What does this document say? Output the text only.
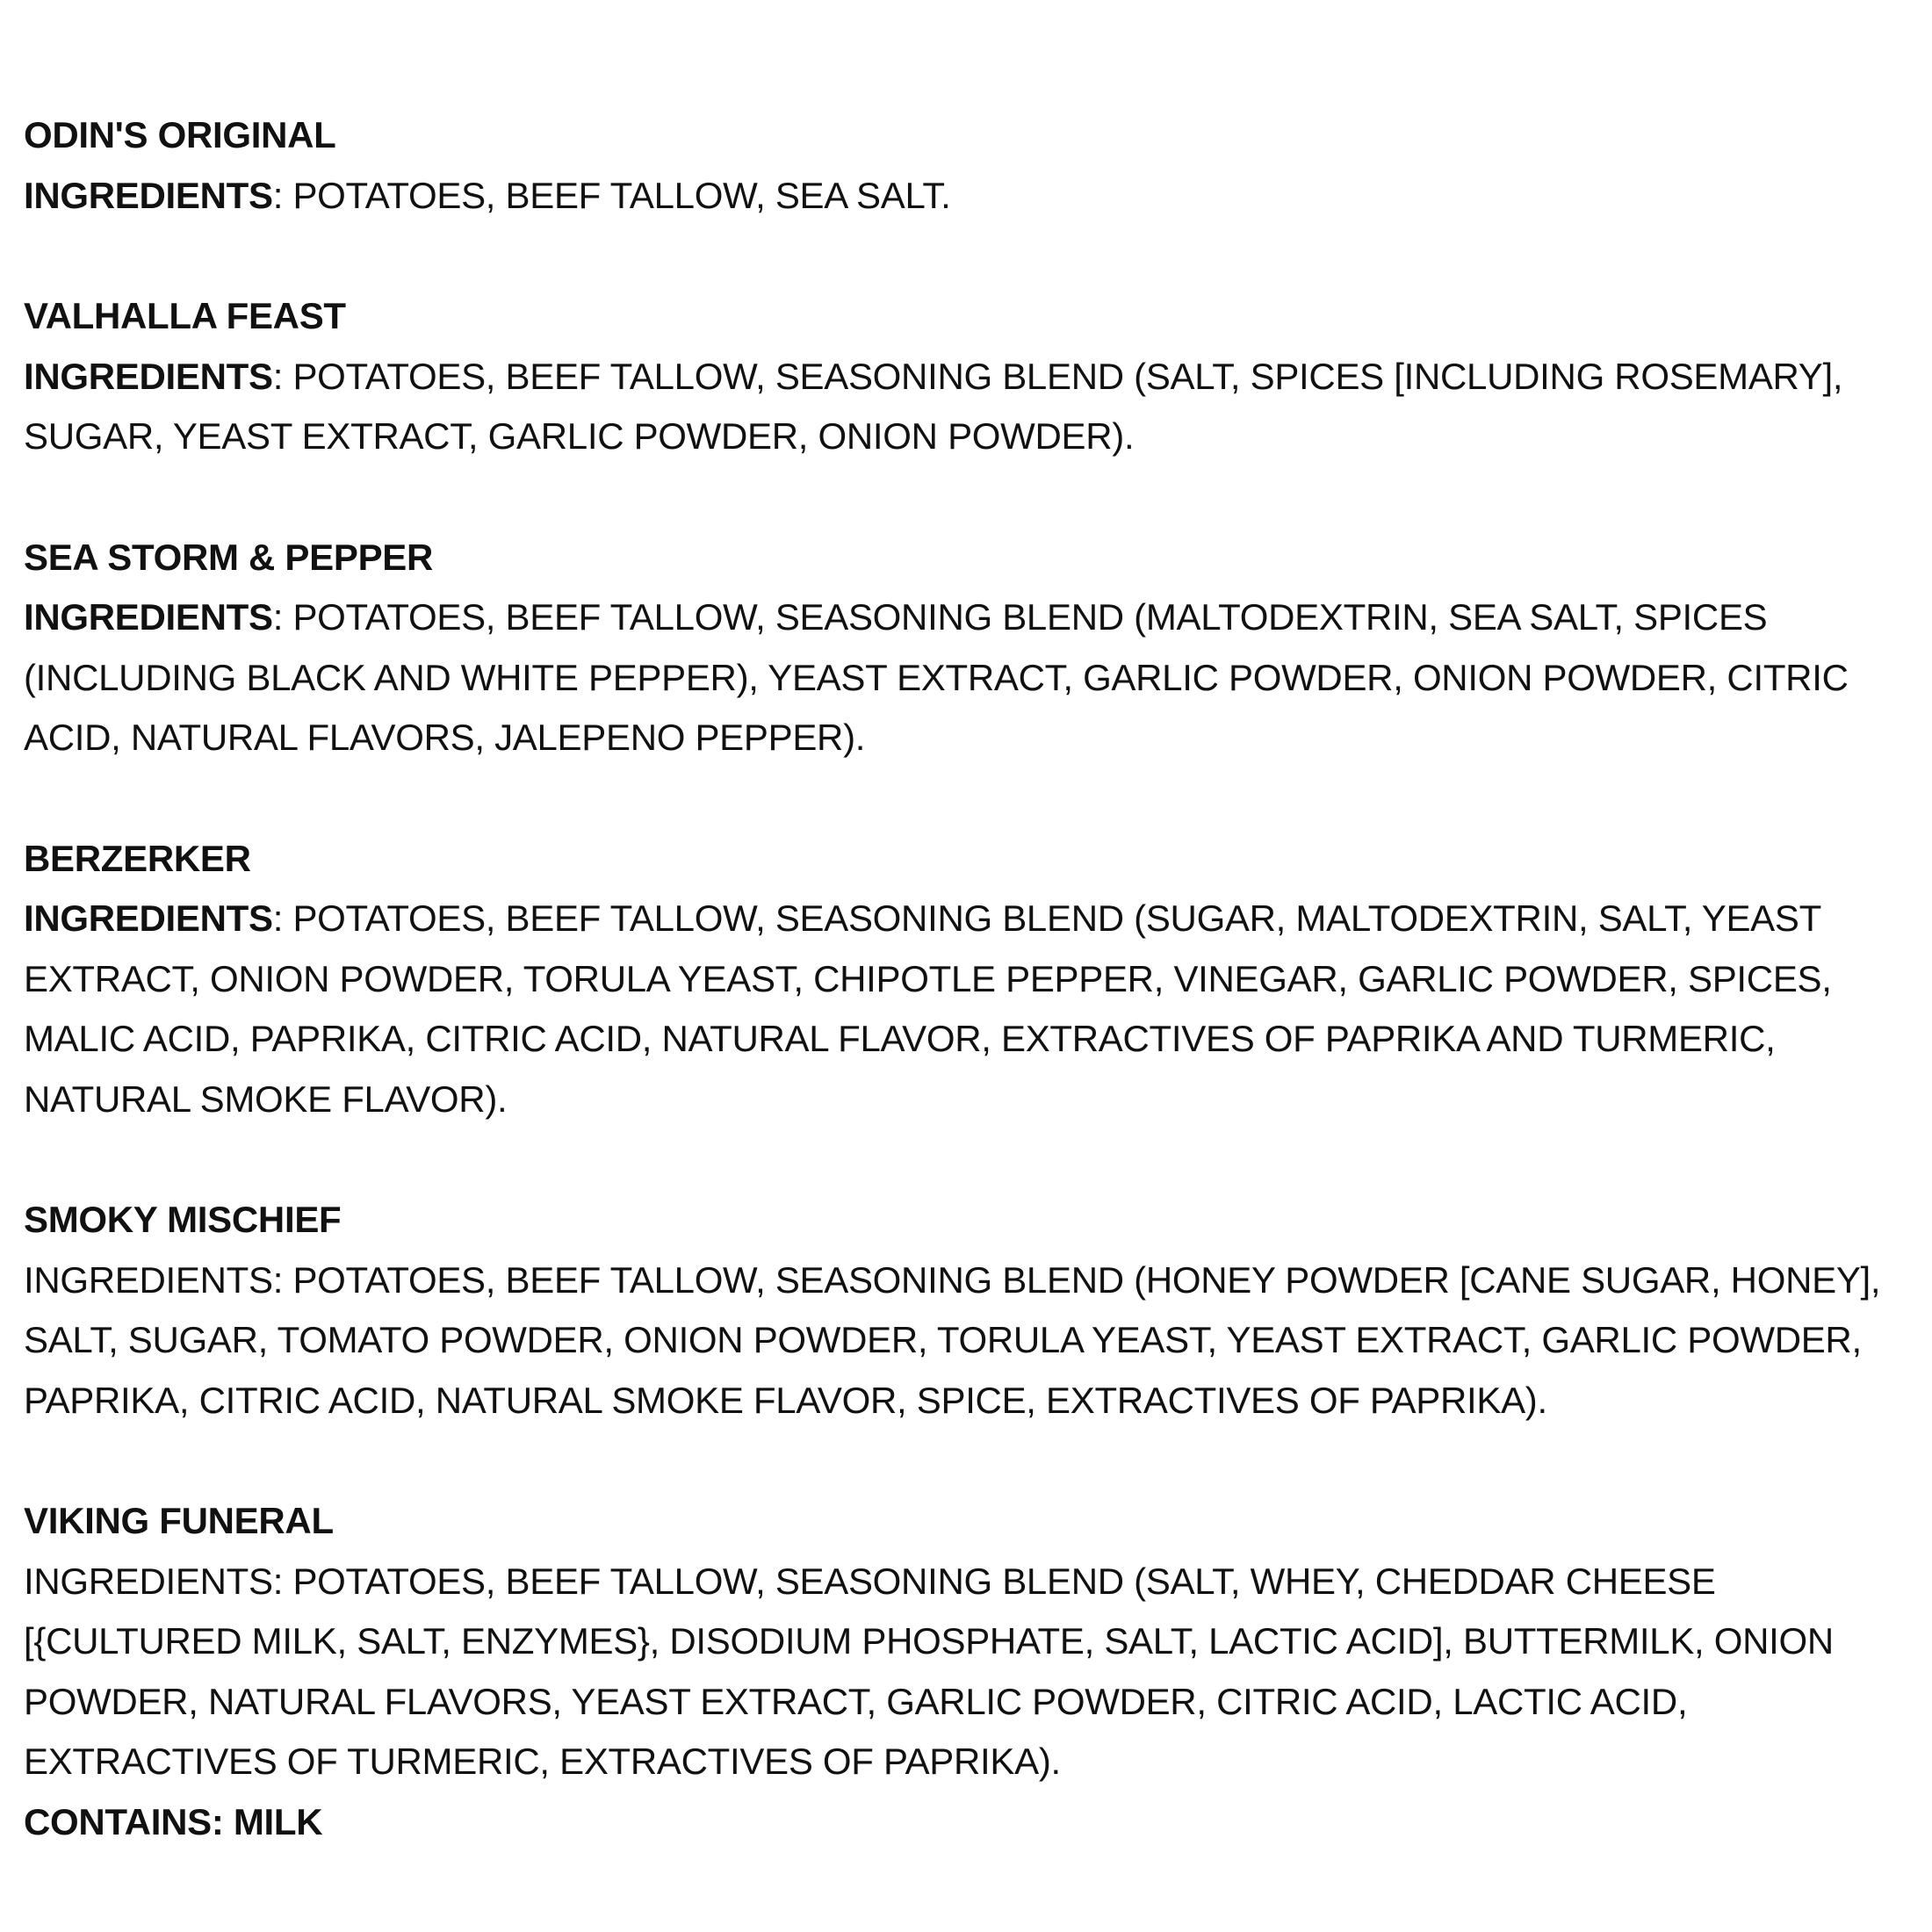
ODIN'S ORIGINAL
INGREDIENTS: POTATOES, BEEF TALLOW, SEA SALT.
VALHALLA FEAST
INGREDIENTS: POTATOES, BEEF TALLOW, SEASONING BLEND (SALT, SPICES [INCLUDING ROSEMARY], SUGAR, YEAST EXTRACT, GARLIC POWDER, ONION POWDER).
SEA STORM & PEPPER
INGREDIENTS: POTATOES, BEEF TALLOW, SEASONING BLEND (MALTODEXTRIN, SEA SALT, SPICES (INCLUDING BLACK AND WHITE PEPPER), YEAST EXTRACT, GARLIC POWDER, ONION POWDER, CITRIC ACID, NATURAL FLAVORS, JALEPENO PEPPER).
BERZERKER
INGREDIENTS: POTATOES, BEEF TALLOW, SEASONING BLEND (SUGAR, MALTODEXTRIN, SALT, YEAST EXTRACT, ONION POWDER, TORULA YEAST, CHIPOTLE PEPPER, VINEGAR, GARLIC POWDER, SPICES, MALIC ACID, PAPRIKA, CITRIC ACID, NATURAL FLAVOR, EXTRACTIVES OF PAPRIKA AND TURMERIC, NATURAL SMOKE FLAVOR).
SMOKY MISCHIEF
INGREDIENTS: POTATOES, BEEF TALLOW, SEASONING BLEND (HONEY POWDER [CANE SUGAR, HONEY], SALT, SUGAR, TOMATO POWDER, ONION POWDER, TORULA YEAST, YEAST EXTRACT, GARLIC POWDER, PAPRIKA, CITRIC ACID, NATURAL SMOKE FLAVOR, SPICE, EXTRACTIVES OF PAPRIKA).
VIKING FUNERAL
INGREDIENTS: POTATOES, BEEF TALLOW, SEASONING BLEND (SALT, WHEY, CHEDDAR CHEESE [{CULTURED MILK, SALT, ENZYMES}, DISODIUM PHOSPHATE, SALT, LACTIC ACID], BUTTERMILK, ONION POWDER, NATURAL FLAVORS, YEAST EXTRACT, GARLIC POWDER, CITRIC ACID, LACTIC ACID, EXTRACTIVES OF TURMERIC, EXTRACTIVES OF PAPRIKA).
CONTAINS: MILK
